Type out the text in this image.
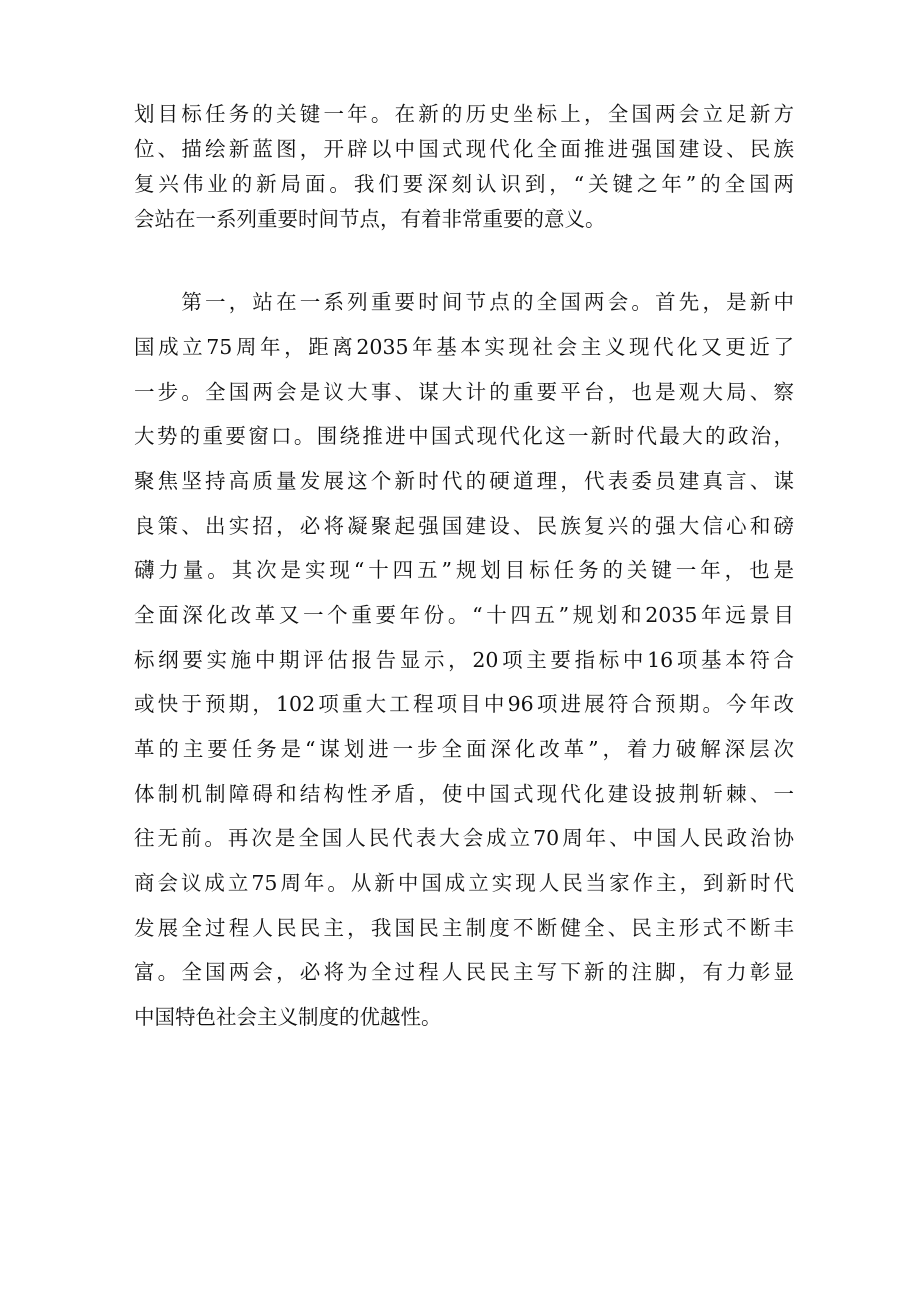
划目标任务的关键一年。在新的历史坐标上，全国两会立足新方
位、描绘新蓝图，开辟以中国式现代化全面推进强国建设、民族
复兴伟业的新局面。我们要深刻认识到，“关键之年”的全国两
会站在一系列重要时间节点，有着非常重要的意义。
　　第一，站在一系列重要时间节点的全国两会。首先，是新中
国成立75周年，距离2035年基本实现社会主义现代化又更近了
一步。全国两会是议大事、谋大计的重要平台，也是观大局、察
大势的重要窗口。围绕推进中国式现代化这一新时代最大的政治，
聚焦坚持高质量发展这个新时代的硬道理，代表委员建真言、谋
良策、出实招，必将凝聚起强国建设、民族复兴的强大信心和磅
礴力量。其次是实现“十四五”规划目标任务的关键一年，也是
全面深化改革又一个重要年份。“十四五”规划和2035年远景目
标纲要实施中期评估报告显示，20项主要指标中16项基本符合
或快于预期，102项重大工程项目中96项进展符合预期。今年改
革的主要任务是“谋划进一步全面深化改革”，着力破解深层次
体制机制障碍和结构性矛盾，使中国式现代化建设披荆斩棘、一
往无前。再次是全国人民代表大会成立70周年、中国人民政治协
商会议成立75周年。从新中国成立实现人民当家作主，到新时代
发展全过程人民民主，我国民主制度不断健全、民主形式不断丰
富。全国两会，必将为全过程人民民主写下新的注脚，有力彰显
中国特色社会主义制度的优越性。
